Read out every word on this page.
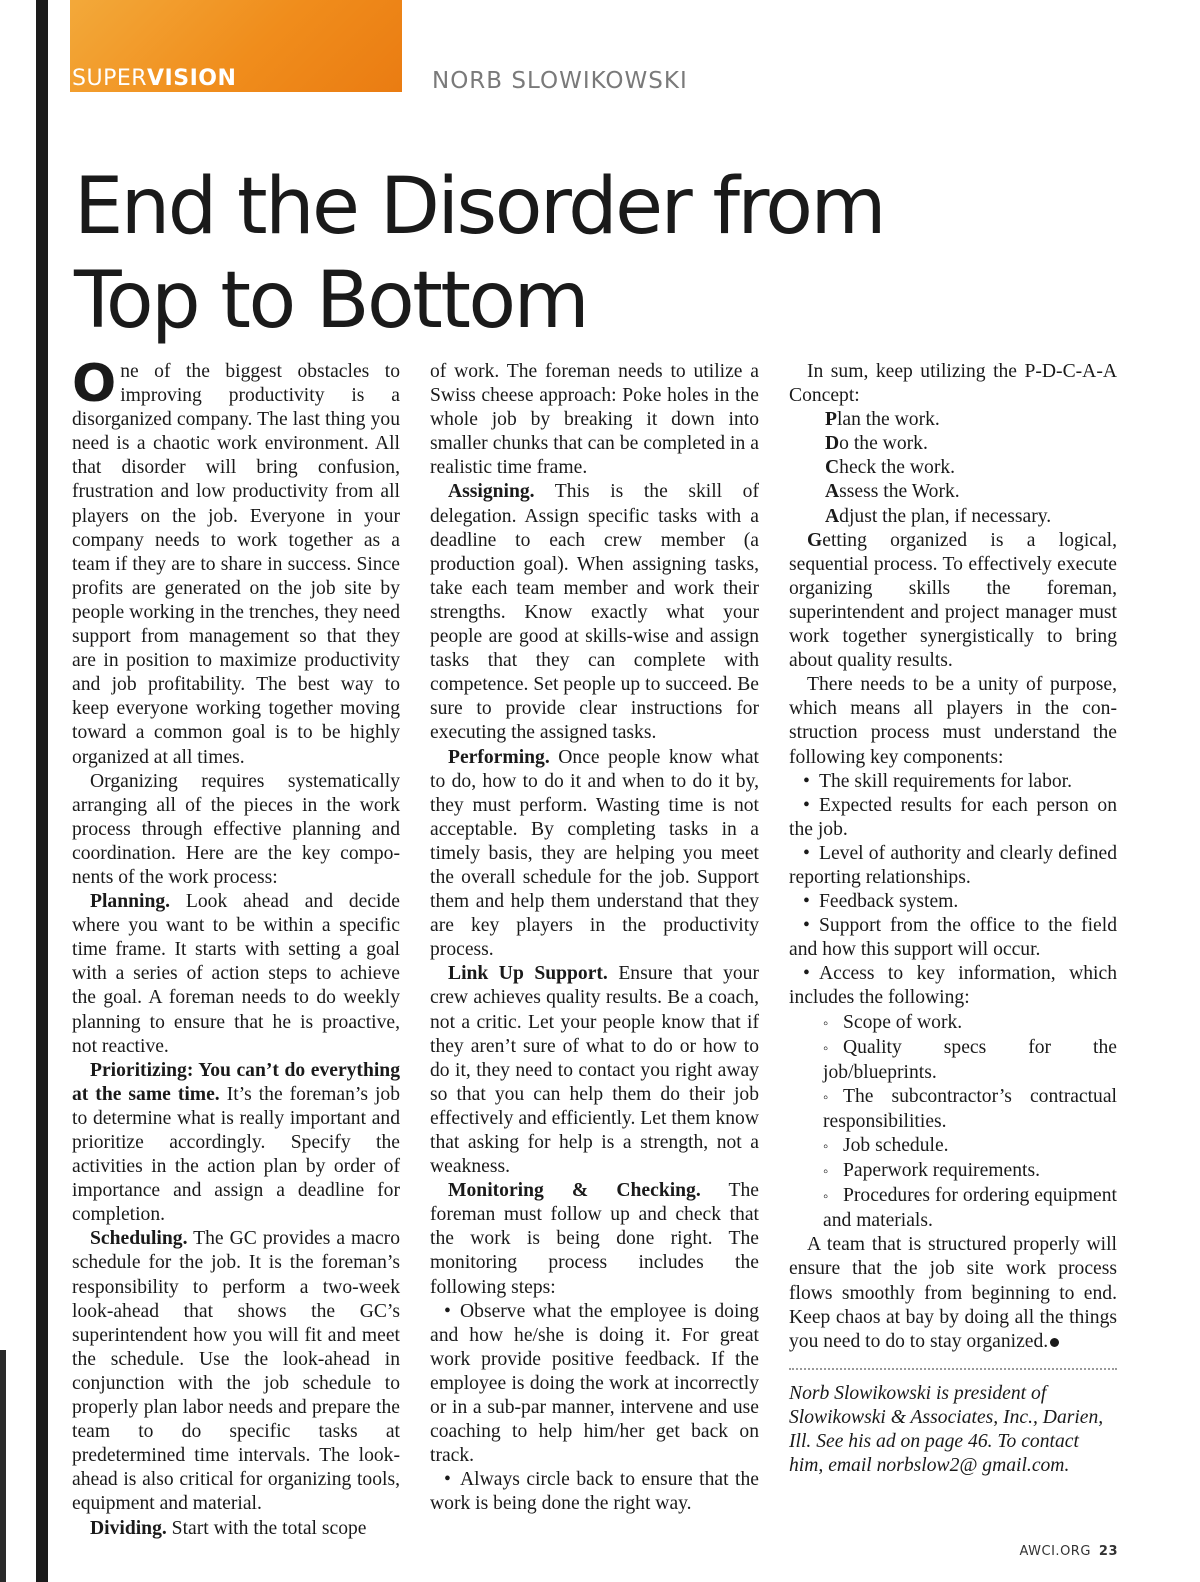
SUPERVISION	NORB SLOWIKOWSKI
End the Disorder from
Top to Bottom

One of the biggest obstacles to improving productivity is a disorganized company. The last thing you need is a chaotic work environment. All that disorder will bring confusion, frustration and low productivity from all players on the job. Everyone in your company needs to work together as a team if they are to share in success. Since profits are generated on the job site by people working in the trenches, they need support from management so that they are in position to maximize productivity and job profitability. The best way to keep everyone working together moving toward a common goal is to be highly organized at all times.

Organizing requires systematically arranging all of the pieces in the work process through effective planning and coordination. Here are the key components of the work process:

Planning. Look ahead and decide where you want to be within a specific time frame. It starts with setting a goal with a series of action steps to achieve the goal. A foreman needs to do weekly planning to ensure that he is proactive, not reactive.

Prioritizing: You can’t do everything at the same time. It’s the foreman’s job to determine what is really important and prioritize accordingly. Specify the activities in the action plan by order of importance and assign a deadline for completion.

Scheduling. The GC provides a macro schedule for the job. It is the foreman’s responsibility to perform a two-week look-ahead that shows the GC’s superintendent how you will fit and meet the schedule. Use the look-ahead in conjunction with the job schedule to properly plan labor needs and prepare the team to do specific tasks at predetermined time intervals. The look-ahead is also critical for organizing tools, equipment and material.

Dividing. Start with the total scope

of work. The foreman needs to utilize a Swiss cheese approach: Poke holes in the whole job by breaking it down into smaller chunks that can be completed in a realistic time frame.

Assigning. This is the skill of delegation. Assign specific tasks with a deadline to each crew member (a production goal). When assigning tasks, take each team member and work their strengths. Know exactly what your people are good at skills-wise and assign tasks that they can complete with competence. Set people up to succeed. Be sure to provide clear instructions for executing the assigned tasks.

Performing. Once people know what to do, how to do it and when to do it by, they must perform. Wasting time is not acceptable. By completing tasks in a timely basis, they are helping you meet the overall schedule for the job. Support them and help them understand that they are key players in the productivity process.

Link Up Support. Ensure that your crew achieves quality results. Be a coach, not a critic. Let your people know that if they aren’t sure of what to do or how to do it, they need to contact you right away so that you can help them do their job effectively and efficiently. Let them know that asking for help is a strength, not a weakness.

Monitoring & Checking. The foreman must follow up and check that the work is being done right. The monitoring process includes the following steps:

• Observe what the employee is doing and how he/she is doing it. For great work provide positive feedback. If the employee is doing the work at incorrectly or in a sub-par manner, intervene and use coaching to help him/her get back on track.
• Always circle back to ensure that the work is being done the right way.

In sum, keep utilizing the P-D-C-A-A Concept:

Plan the work.

Do the work.

Check the work.

Assess the Work.

Adjust the plan, if necessary.

Getting organized is a logical, sequential process. To effectively execute organizing skills the foreman, superintendent and project manager must work together synergistically to bring about quality results.

There needs to be a unity of purpose, which means all players in the construction process must understand the following key components:

• The skill requirements for labor.
• Expected results for each person on the job.
• Level of authority and clearly defined reporting relationships.
• Feedback system.
• Support from the office to the field and how this support will occur.
• Access to key information, which includes the following:
◦ Scope of work.
◦ Quality specs for the job/blueprints.
◦ The subcontractor’s contractual responsibilities.
◦ Job schedule.
◦ Paperwork requirements.
◦ Procedures for ordering equipment and materials.

A team that is structured properly will ensure that the job site work process flows smoothly from beginning to end. Keep chaos at bay by doing all the things you need to do to stay organized.

Norb Slowikowski is president of Slowikowski & Associates, Inc., Darien, Ill. See his ad on page 46. To contact him, email norbslow2@ gmail.com.

AWCI.ORG 23
